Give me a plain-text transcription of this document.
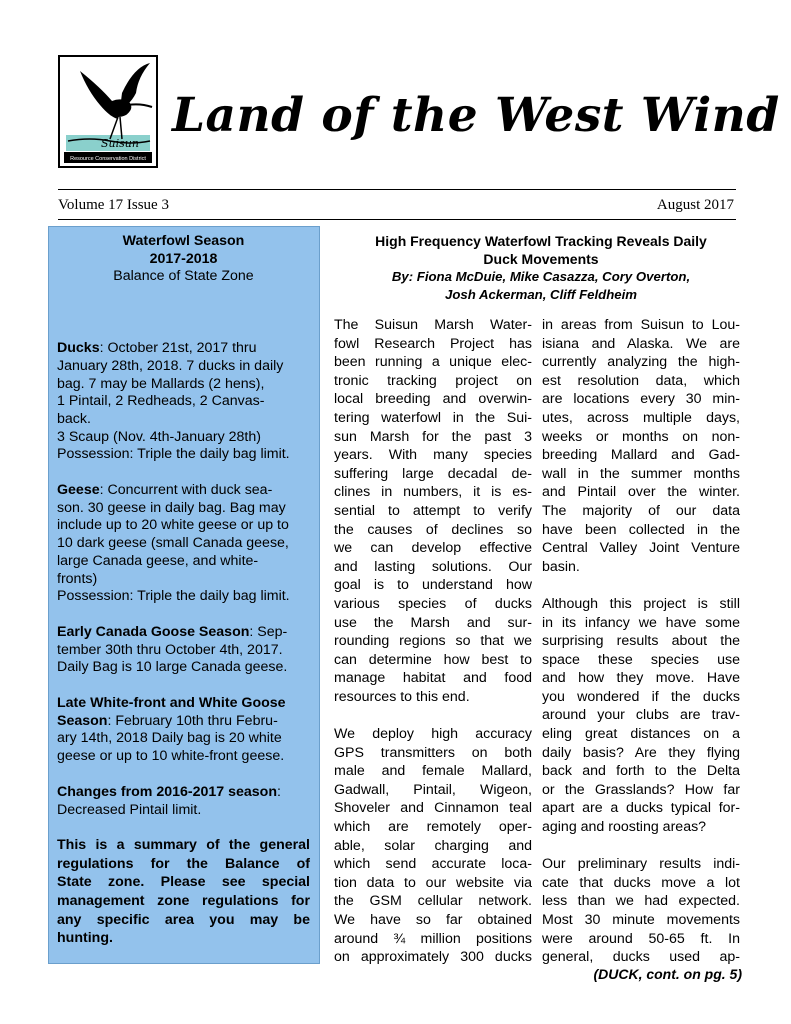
Suisun
Resource Conservation District
Land of the West Wind
Volume 17 Issue 3	August 2017
Waterfowl Season
2017-2018
Balance of State Zone
Ducks: October 21st, 2017 thru
January 28th, 2018. 7 ducks in daily
bag. 7 may be Mallards (2 hens),
1 Pintail, 2 Redheads, 2 Canvas-
back.
3 Scaup (Nov. 4th-January 28th)
Possession: Triple the daily bag limit.
Geese: Concurrent with duck sea-
son. 30 geese in daily bag. Bag may
include up to 20 white geese or up to
10 dark geese (small Canada geese,
large Canada geese, and white-
fronts)
Possession: Triple the daily bag limit.
Early Canada Goose Season: Sep-
tember 30th thru October 4th, 2017.
Daily Bag is 10 large Canada geese.
Late White-front and White Goose
Season: February 10th thru Febru-
ary 14th, 2018 Daily bag is 20 white
geese or up to 10 white-front geese.
Changes from 2016-2017 season:
Decreased Pintail limit.
This is a summary of the general
regulations for the Balance of
State zone. Please see special
management zone regulations for
any specific area you may be
hunting.
High Frequency Waterfowl Tracking Reveals Daily
Duck Movements
By: Fiona McDuie, Mike Casazza, Cory Overton,
Josh Ackerman, Cliff Feldheim
The Suisun Marsh Water-
fowl Research Project has
been running a unique elec-
tronic tracking project on
local breeding and overwin-
tering waterfowl in the Sui-
sun Marsh for the past 3
years. With many species
suffering large decadal de-
clines in numbers, it is es-
sential to attempt to verify
the causes of declines so
we can develop effective
and lasting solutions. Our
goal is to understand how
various species of ducks
use the Marsh and sur-
rounding regions so that we
can determine how best to
manage habitat and food
resources to this end.
We deploy high accuracy
GPS transmitters on both
male and female Mallard,
Gadwall, Pintail, Wigeon,
Shoveler and Cinnamon teal
which are remotely oper-
able, solar charging and
which send accurate loca-
tion data to our website via
the GSM cellular network.
We have so far obtained
around ¾ million positions
on approximately 300 ducks
in areas from Suisun to Lou-
isiana and Alaska. We are
currently analyzing the high-
est resolution data, which
are locations every 30 min-
utes, across multiple days,
weeks or months on non-
breeding Mallard and Gad-
wall in the summer months
and Pintail over the winter.
The majority of our data
have been collected in the
Central Valley Joint Venture
basin.
Although this project is still
in its infancy we have some
surprising results about the
space these species use
and how they move. Have
you wondered if the ducks
around your clubs are trav-
eling great distances on a
daily basis? Are they flying
back and forth to the Delta
or the Grasslands? How far
apart are a ducks typical for-
aging and roosting areas?
Our preliminary results indi-
cate that ducks move a lot
less than we had expected.
Most 30 minute movements
were around 50-65 ft. In
general, ducks used ap-
(DUCK, cont. on pg. 5)
